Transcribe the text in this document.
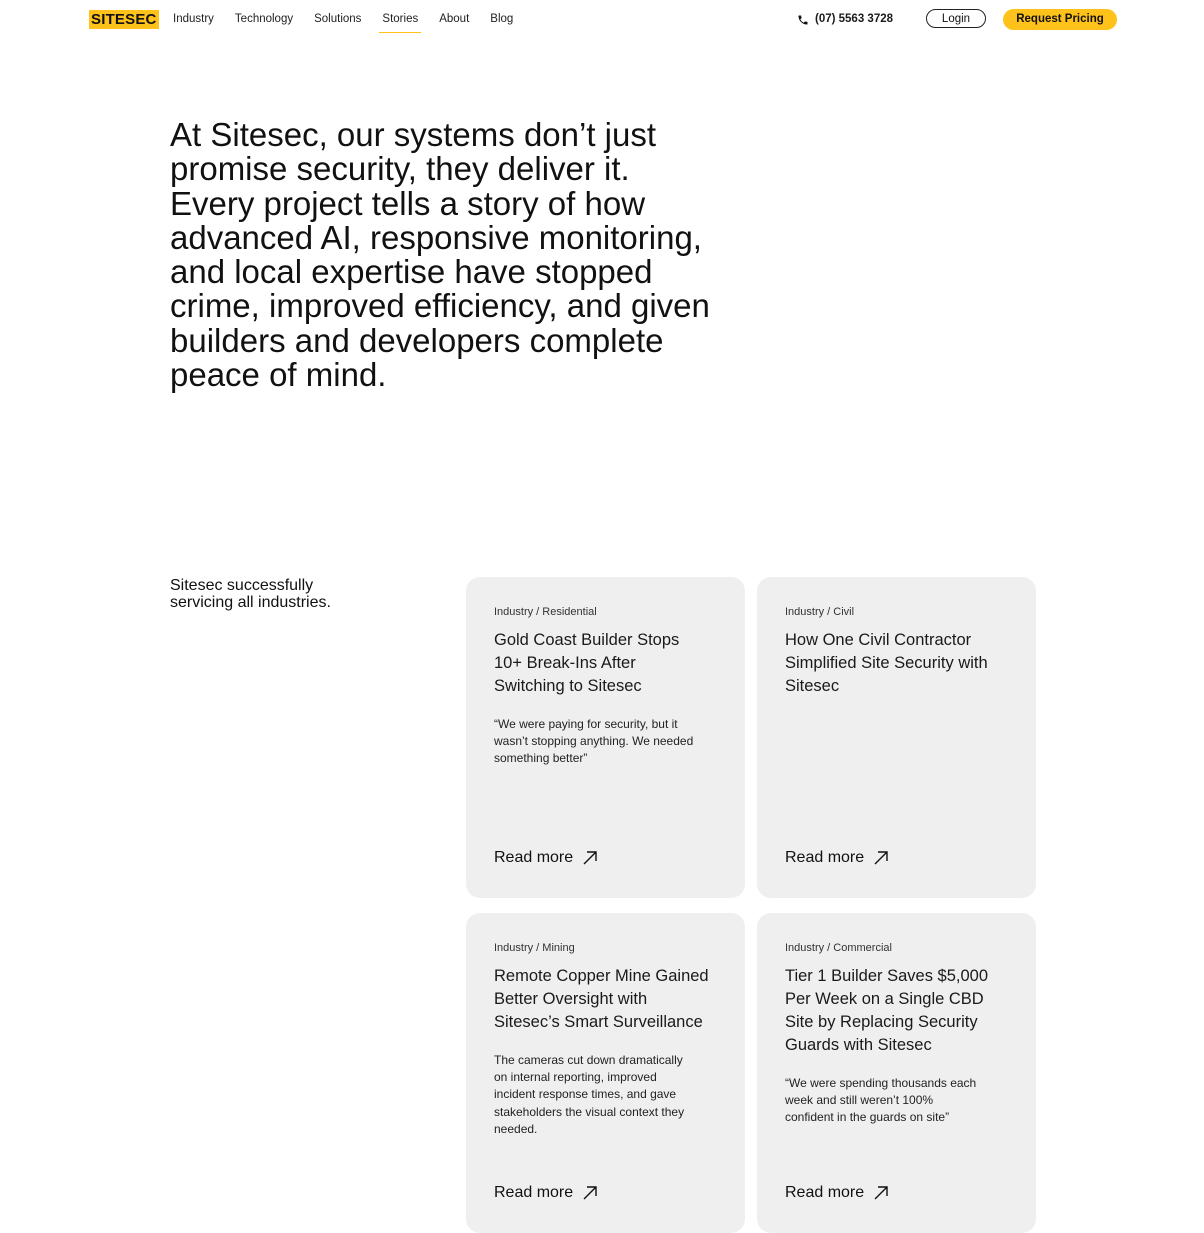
SITESEC Industry Technology Solutions Stories About Blog	(07) 5563 3728	Login	Request Pricing
At Sitesec, our systems don’t just
promise security, they deliver it.
Every project tells a story of how
advanced AI, responsive monitoring,
and local expertise have stopped
crime, improved efficiency, and given
builders and developers complete
peace of mind.

Sitesec successfully
servicing all industries.

Industry / Residential
Gold Coast Builder Stops
10+ Break-Ins After
Switching to Sitesec

“We were paying for security, but it
wasn’t stopping anything. We needed
something better”

Read more
Industry / Civil
How One Civil Contractor
Simplified Site Security with
Sitesec
Read more
Industry / Mining
Remote Copper Mine Gained
Better Oversight with
Sitesec’s Smart Surveillance

The cameras cut down dramatically
on internal reporting, improved
incident response times, and gave
stakeholders the visual context they
needed.

Read more
Industry / Commercial
Tier 1 Builder Saves $5,000
Per Week on a Single CBD
Site by Replacing Security
Guards with Sitesec

“We were spending thousands each
week and still weren’t 100%
confident in the guards on site”

Read more
